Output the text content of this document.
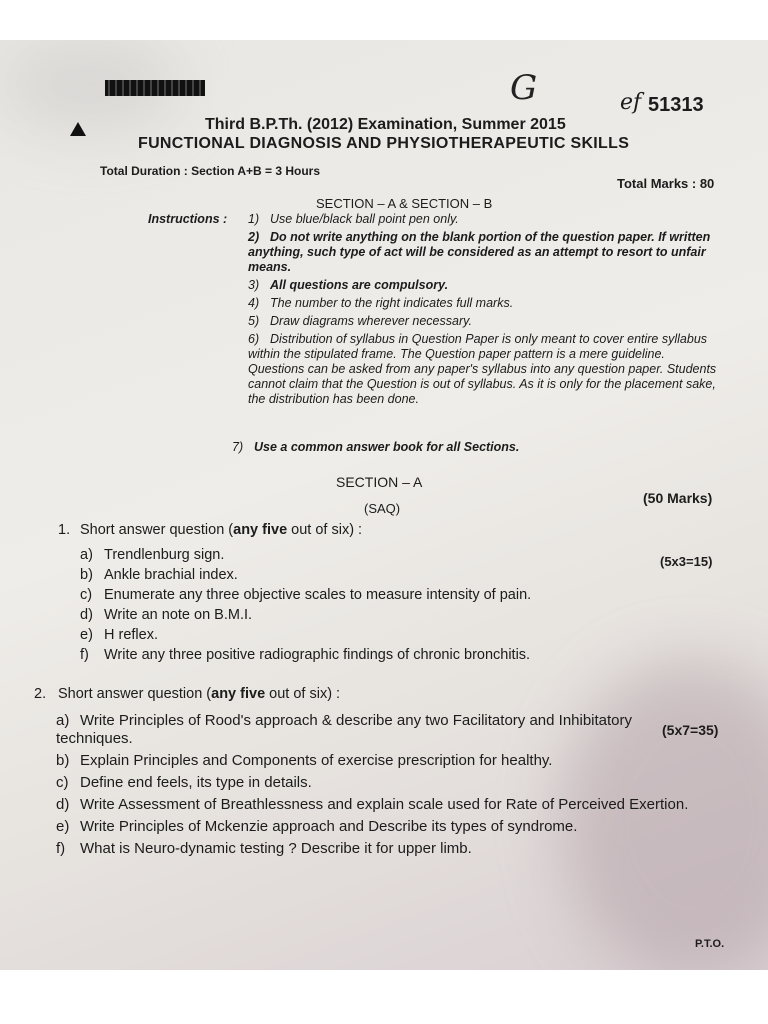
G	ef 51313
Third B.P.Th. (2012) Examination, Summer 2015
FUNCTIONAL DIAGNOSIS AND PHYSIOTHERAPEUTIC SKILLS
Total Duration : Section A+B = 3 Hours
Total Marks : 80
SECTION – A & SECTION – B
Instructions : 1) Use blue/black ball point pen only.
2) Do not write anything on the blank portion of the question paper. If written anything, such type of act will be considered as an attempt to resort to unfair means.
3) All questions are compulsory.
4) The number to the right indicates full marks.
5) Draw diagrams wherever necessary.
6) Distribution of syllabus in Question Paper is only meant to cover entire syllabus within the stipulated frame. The Question paper pattern is a mere guideline. Questions can be asked from any paper's syllabus into any question paper. Students cannot claim that the Question is out of syllabus. As it is only for the placement sake, the distribution has been done.
7) Use a common answer book for all Sections.
SECTION – A
(50 Marks)
(SAQ)
1. Short answer question (any five out of six) :
(5x3=15)
a) Trendlenburg sign.
b) Ankle brachial index.
c) Enumerate any three objective scales to measure intensity of pain.
d) Write an note on B.M.I.
e) H reflex.
f) Write any three positive radiographic findings of chronic bronchitis.
2. Short answer question (any five out of six) :
(5x7=35)
a) Write Principles of Rood's approach & describe any two Facilitatory and Inhibitatory techniques.
b) Explain Principles and Components of exercise prescription for healthy.
c) Define end feels, its type in details.
d) Write Assessment of Breathlessness and explain scale used for Rate of Perceived Exertion.
e) Write Principles of Mckenzie approach and Describe its types of syndrome.
f) What is Neuro-dynamic testing ? Describe it for upper limb.
P.T.O.
